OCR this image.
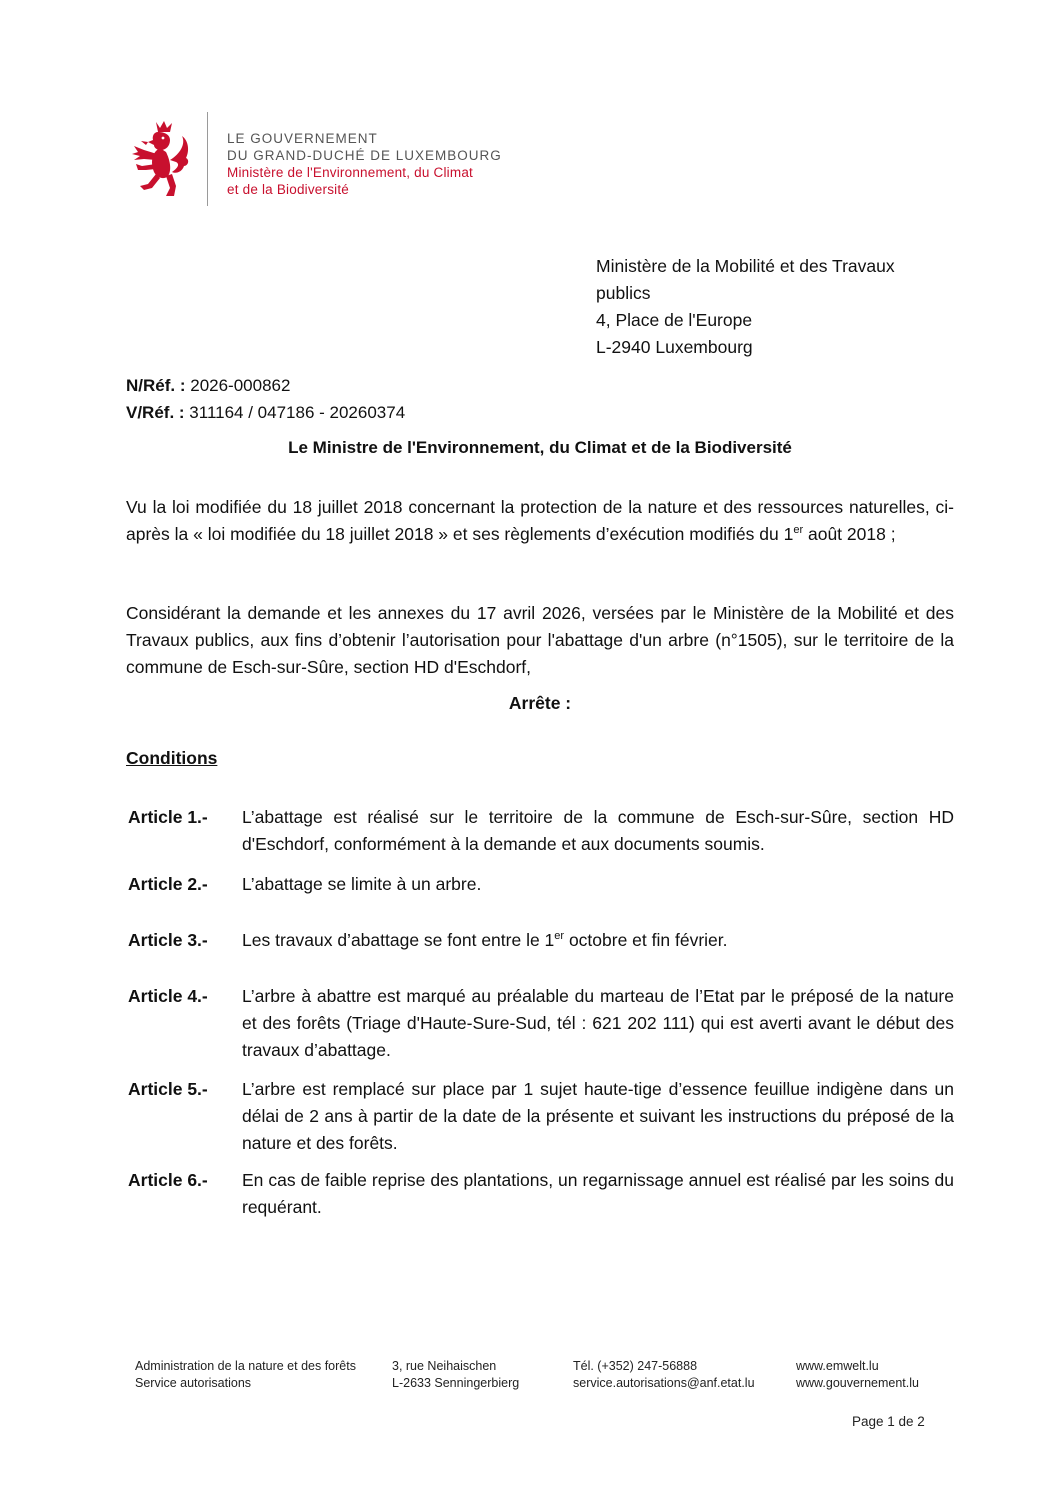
LE GOUVERNEMENT
DU GRAND-DUCHÉ DE LUXEMBOURG
Ministère de l'Environnement, du Climat
et de la Biodiversité
Ministère de la Mobilité et des Travaux
publics
4, Place de l'Europe
L-2940 Luxembourg
N/Réf. : 2026-000862
V/Réf. : 311164 / 047186 - 20260374
Le Ministre de l'Environnement, du Climat et de la Biodiversité
Vu la loi modifiée du 18 juillet 2018 concernant la protection de la nature et des ressources naturelles, ci-après la « loi modifiée du 18 juillet 2018 » et ses règlements d’exécution modifiés du 1er août 2018 ;
Considérant la demande et les annexes du 17 avril 2026, versées par le Ministère de la Mobilité et des Travaux publics, aux fins d’obtenir l’autorisation pour l'abattage d'un arbre (n°1505), sur le territoire de la commune de Esch-sur-Sûre, section HD d'Eschdorf,
Arrête :
Conditions
Article 1.-	L’abattage est réalisé sur le territoire de la commune de Esch-sur-Sûre, section HD d'Eschdorf, conformément à la demande et aux documents soumis.
Article 2.-	L’abattage se limite à un arbre.
Article 3.-	Les travaux d’abattage se font entre le 1er octobre et fin février.
Article 4.-	L’arbre à abattre est marqué au préalable du marteau de l’Etat par le préposé de la nature et des forêts (Triage d'Haute-Sure-Sud, tél : 621 202 111) qui est averti avant le début des travaux d’abattage.
Article 5.-	L’arbre est remplacé sur place par 1 sujet haute-tige d’essence feuillue indigène dans un délai de 2 ans à partir de la date de la présente et suivant les instructions du préposé de la nature et des forêts.
Article 6.-	En cas de faible reprise des plantations, un regarnissage annuel est réalisé par les soins du requérant.
Administration de la nature et des forêts
Service autorisations
3, rue Neihaischen
L-2633 Senningerbierg
Tél. (+352) 247-56888
service.autorisations@anf.etat.lu
www.emwelt.lu
www.gouvernement.lu
Page 1 de 2
